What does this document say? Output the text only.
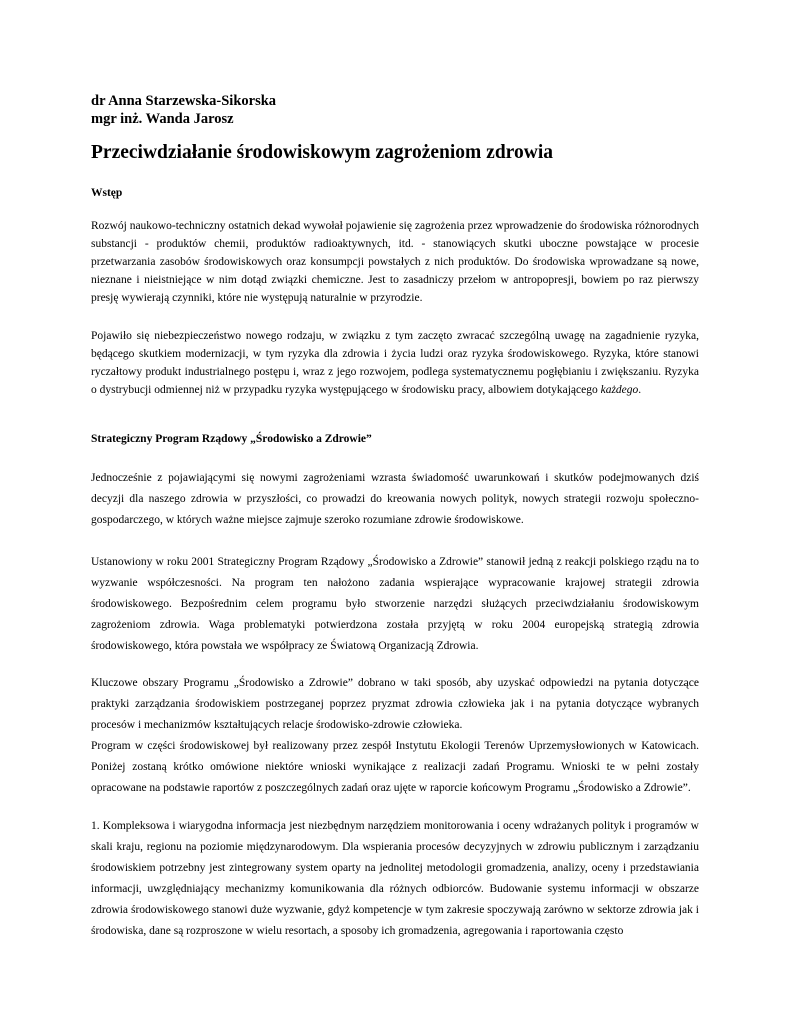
dr Anna Starzewska-Sikorska
mgr inż. Wanda Jarosz
Przeciwdziałanie środowiskowym zagrożeniom zdrowia
Wstęp

Rozwój naukowo-techniczny ostatnich dekad wywołał pojawienie się zagrożenia przez wprowadzenie do środowiska różnorodnych substancji - produktów chemii, produktów radioaktywnych, itd. - stanowiących skutki uboczne powstające w procesie przetwarzania zasobów środowiskowych oraz konsumpcji powstałych z nich produktów. Do środowiska wprowadzane są nowe, nieznane i nieistniejące w nim dotąd związki chemiczne. Jest to zasadniczy przełom w antropopresji, bowiem po raz pierwszy presję wywierają czynniki, które nie występują naturalnie w przyrodzie.

Pojawiło się niebezpieczeństwo nowego rodzaju, w związku z tym zaczęto zwracać szczególną uwagę na zagadnienie ryzyka, będącego skutkiem modernizacji, w tym ryzyka dla zdrowia i życia ludzi oraz ryzyka środowiskowego. Ryzyka, które stanowi ryczałtowy produkt industrialnego postępu i, wraz z jego rozwojem, podlega systematycznemu pogłębianiu i zwiększaniu. Ryzyka o dystrybucji odmiennej niż w przypadku ryzyka występującego w środowisku pracy, albowiem dotykającego każdego.

Strategiczny Program Rządowy „Środowisko a Zdrowie”

Jednocześnie z pojawiającymi się nowymi zagrożeniami wzrasta świadomość uwarunkowań i skutków podejmowanych dziś decyzji dla naszego zdrowia w przyszłości, co prowadzi do kreowania nowych polityk, nowych strategii rozwoju społeczno-gospodarczego, w których ważne miejsce zajmuje szeroko rozumiane zdrowie środowiskowe.

Ustanowiony w roku 2001 Strategiczny Program Rządowy „Środowisko a Zdrowie” stanowił jedną z reakcji polskiego rządu na to wyzwanie współczesności. Na program ten nałożono zadania wspierające wypracowanie krajowej strategii zdrowia środowiskowego. Bezpośrednim celem programu było stworzenie narzędzi służących przeciwdziałaniu środowiskowym zagrożeniom zdrowia. Waga problematyki potwierdzona została przyjętą w roku 2004 europejską strategią zdrowia środowiskowego, która powstała we współpracy ze Światową Organizacją Zdrowia.

Kluczowe obszary Programu „Środowisko a Zdrowie” dobrano w taki sposób, aby uzyskać odpowiedzi na pytania dotyczące praktyki zarządzania środowiskiem postrzeganej poprzez pryzmat zdrowia człowieka jak i na pytania dotyczące wybranych procesów i mechanizmów kształtujących relacje środowisko-zdrowie człowieka.

Program w części środowiskowej był realizowany przez zespół Instytutu Ekologii Terenów Uprzemysłowionych w Katowicach. Poniżej zostaną krótko omówione niektóre wnioski wynikające z realizacji zadań Programu. Wnioski te w pełni zostały opracowane na podstawie raportów z poszczególnych zadań oraz ujęte w raporcie końcowym Programu „Środowisko a Zdrowie”.

1. Kompleksowa i wiarygodna informacja jest niezbędnym narzędziem monitorowania i oceny wdrażanych polityk i programów w skali kraju, regionu na poziomie międzynarodowym. Dla wspierania procesów decyzyjnych w zdrowiu publicznym i zarządzaniu środowiskiem potrzebny jest zintegrowany system oparty na jednolitej metodologii gromadzenia, analizy, oceny i przedstawiania informacji, uwzględniający mechanizmy komunikowania dla różnych odbiorców. Budowanie systemu informacji w obszarze zdrowia środowiskowego stanowi duże wyzwanie, gdyż kompetencje w tym zakresie spoczywają zarówno w sektorze zdrowia jak i środowiska, dane są rozproszone w wielu resortach, a sposoby ich gromadzenia, agregowania i raportowania często
